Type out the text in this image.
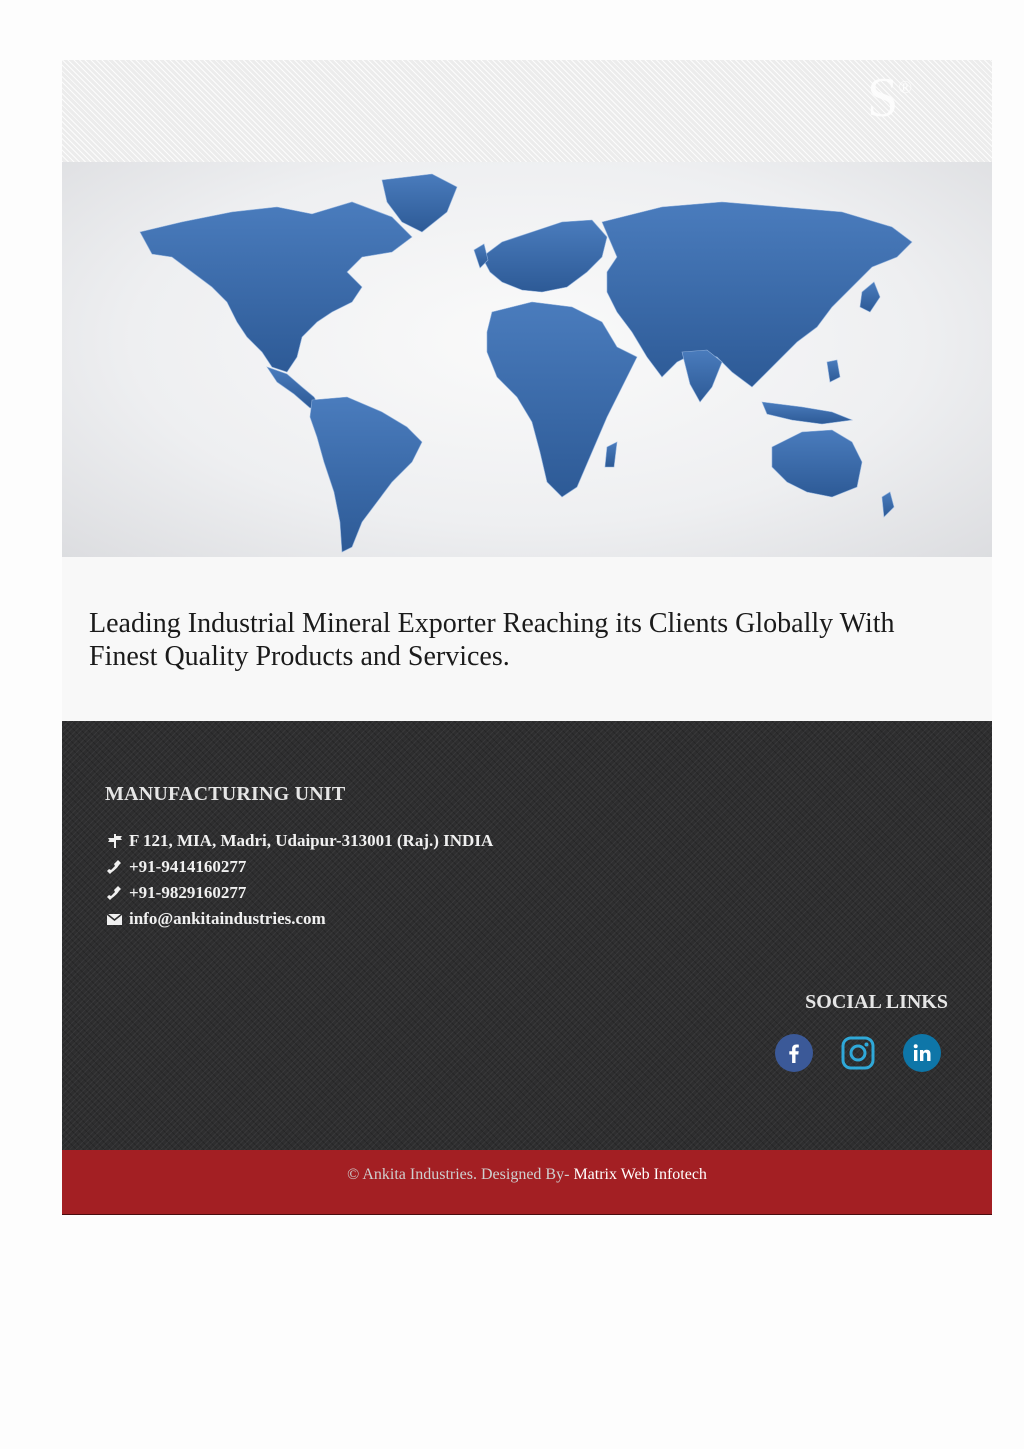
S®
Leading Industrial Mineral Exporter Reaching its Clients Globally With Finest Quality Products and Services.
MANUFACTURING UNIT
F 121, MIA, Madri, Udaipur-313001 (Raj.) INDIA
+91-9414160277
+91-9829160277
info@ankitaindustries.com
SOCIAL LINKS
© Ankita Industries. Designed By- Matrix Web Infotech
